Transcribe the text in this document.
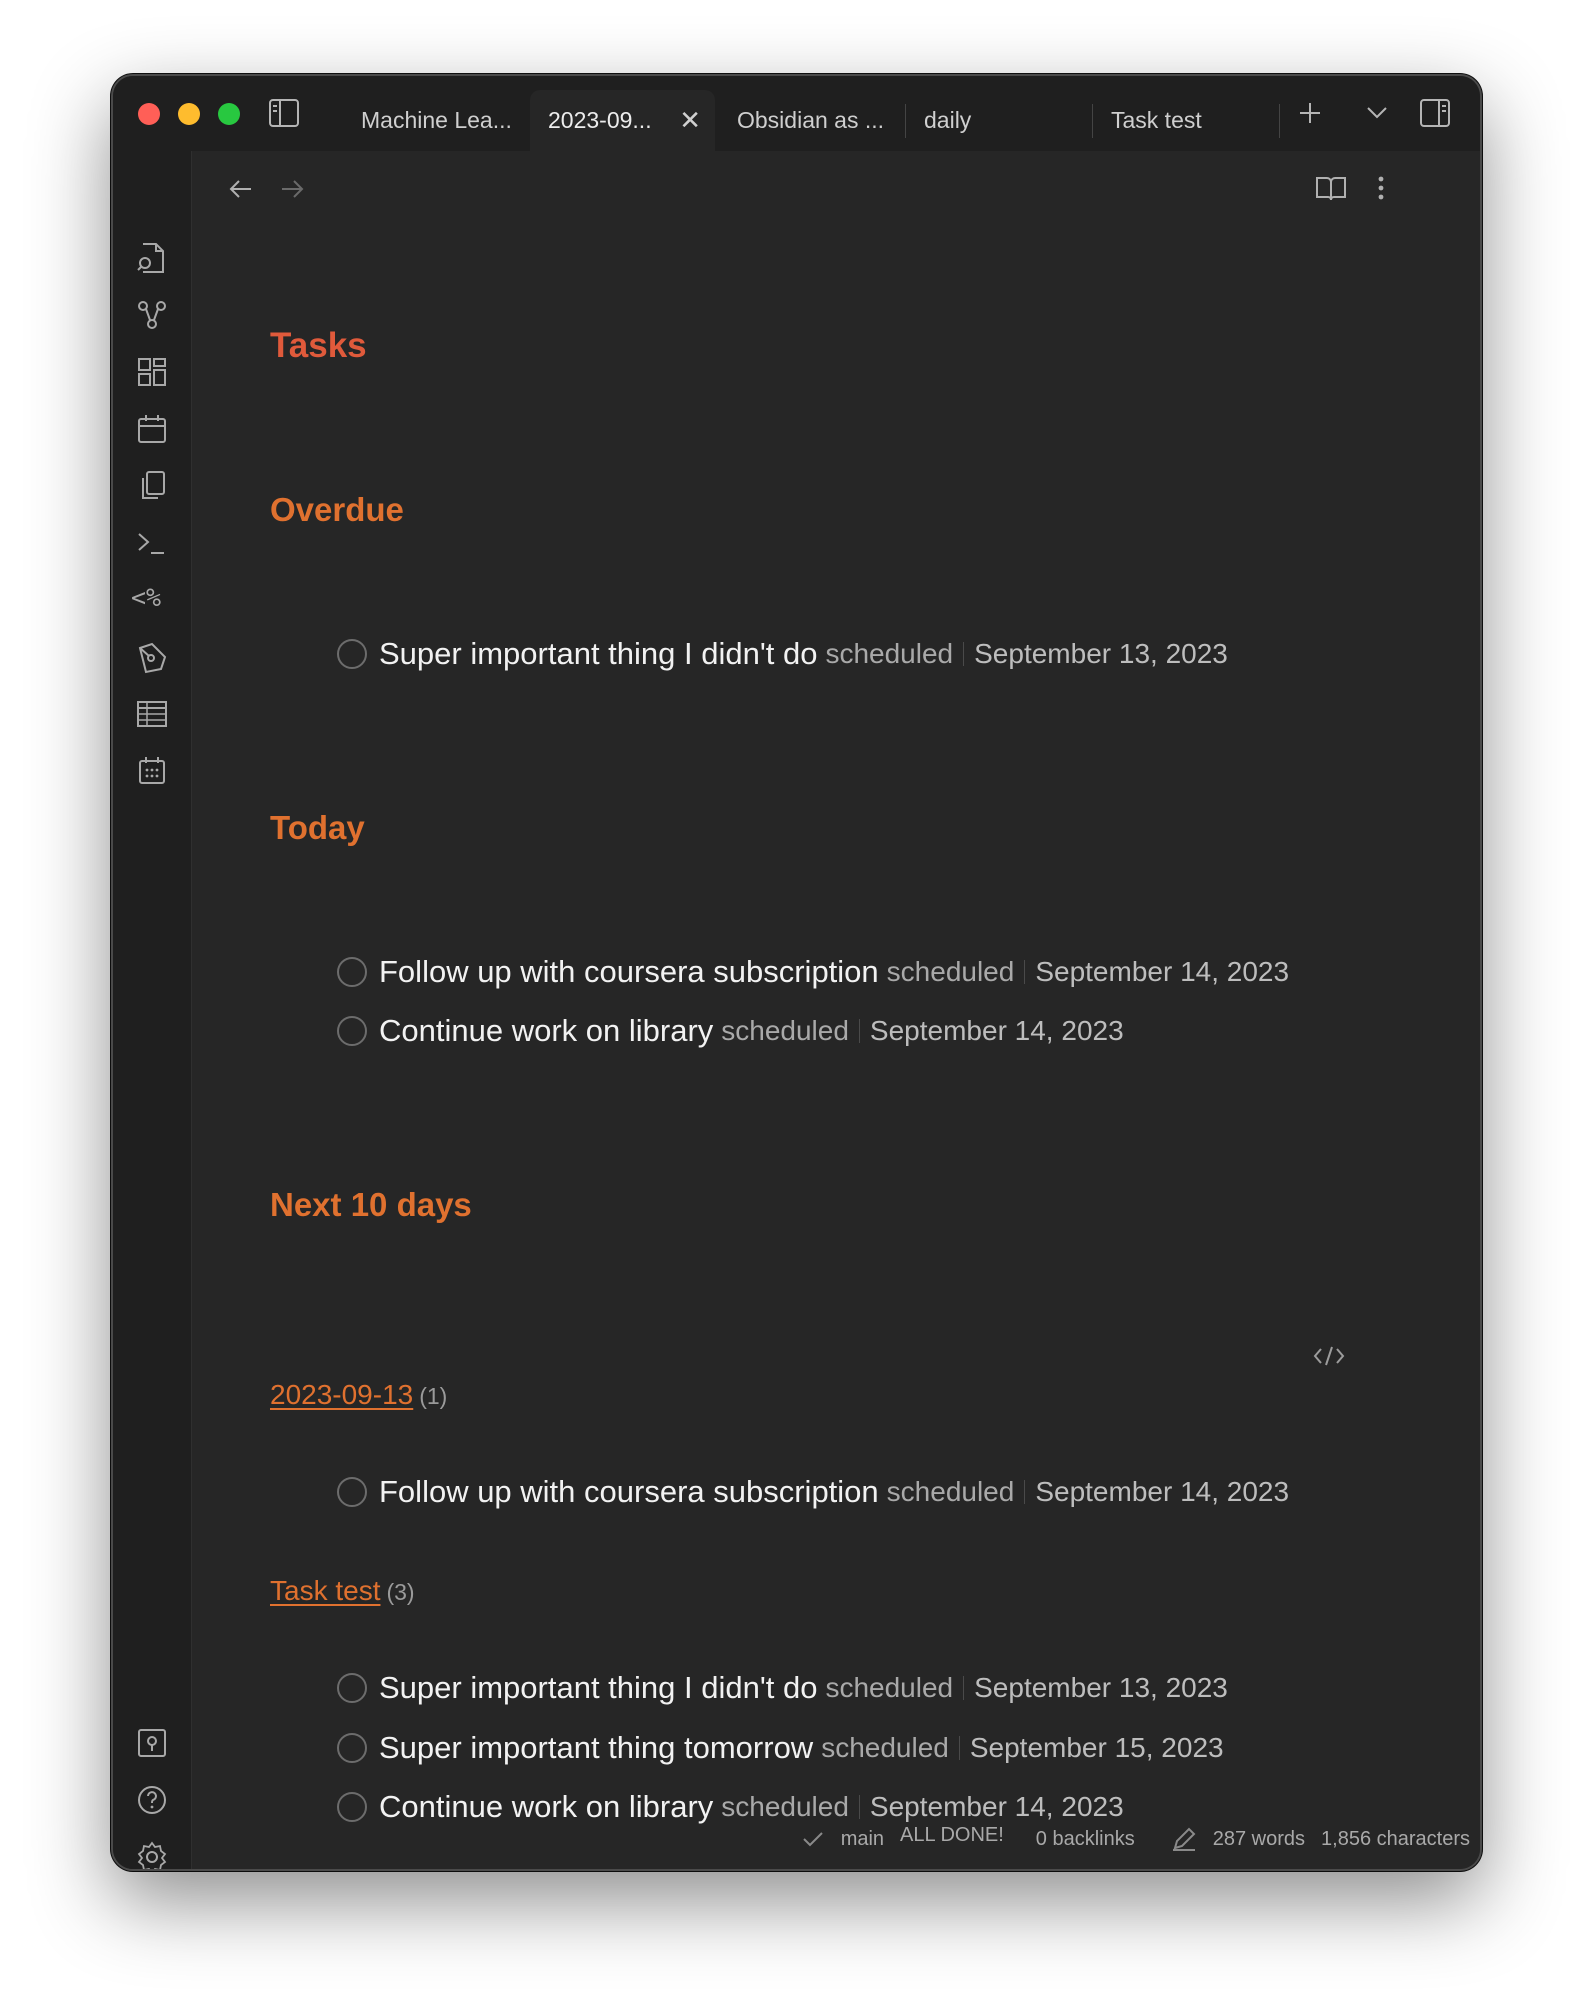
Machine Lea...	2023-09... ✕	Obsidian as ...	daily	Task test
<%
Tasks
Overdue
Super important thing I didn't do scheduled September 13, 2023
Today
Follow up with coursera subscription scheduled September 14, 2023
Continue work on library scheduled September 14, 2023
Next 10 days
2023-09-13 (1)
Follow up with coursera subscription scheduled September 14, 2023
Task test (3)
Super important thing I didn't do scheduled September 13, 2023
Super important thing tomorrow scheduled September 15, 2023
Continue work on library scheduled September 14, 2023
main ALL DONE! 0 backlinks	287 words 1,856 characters
